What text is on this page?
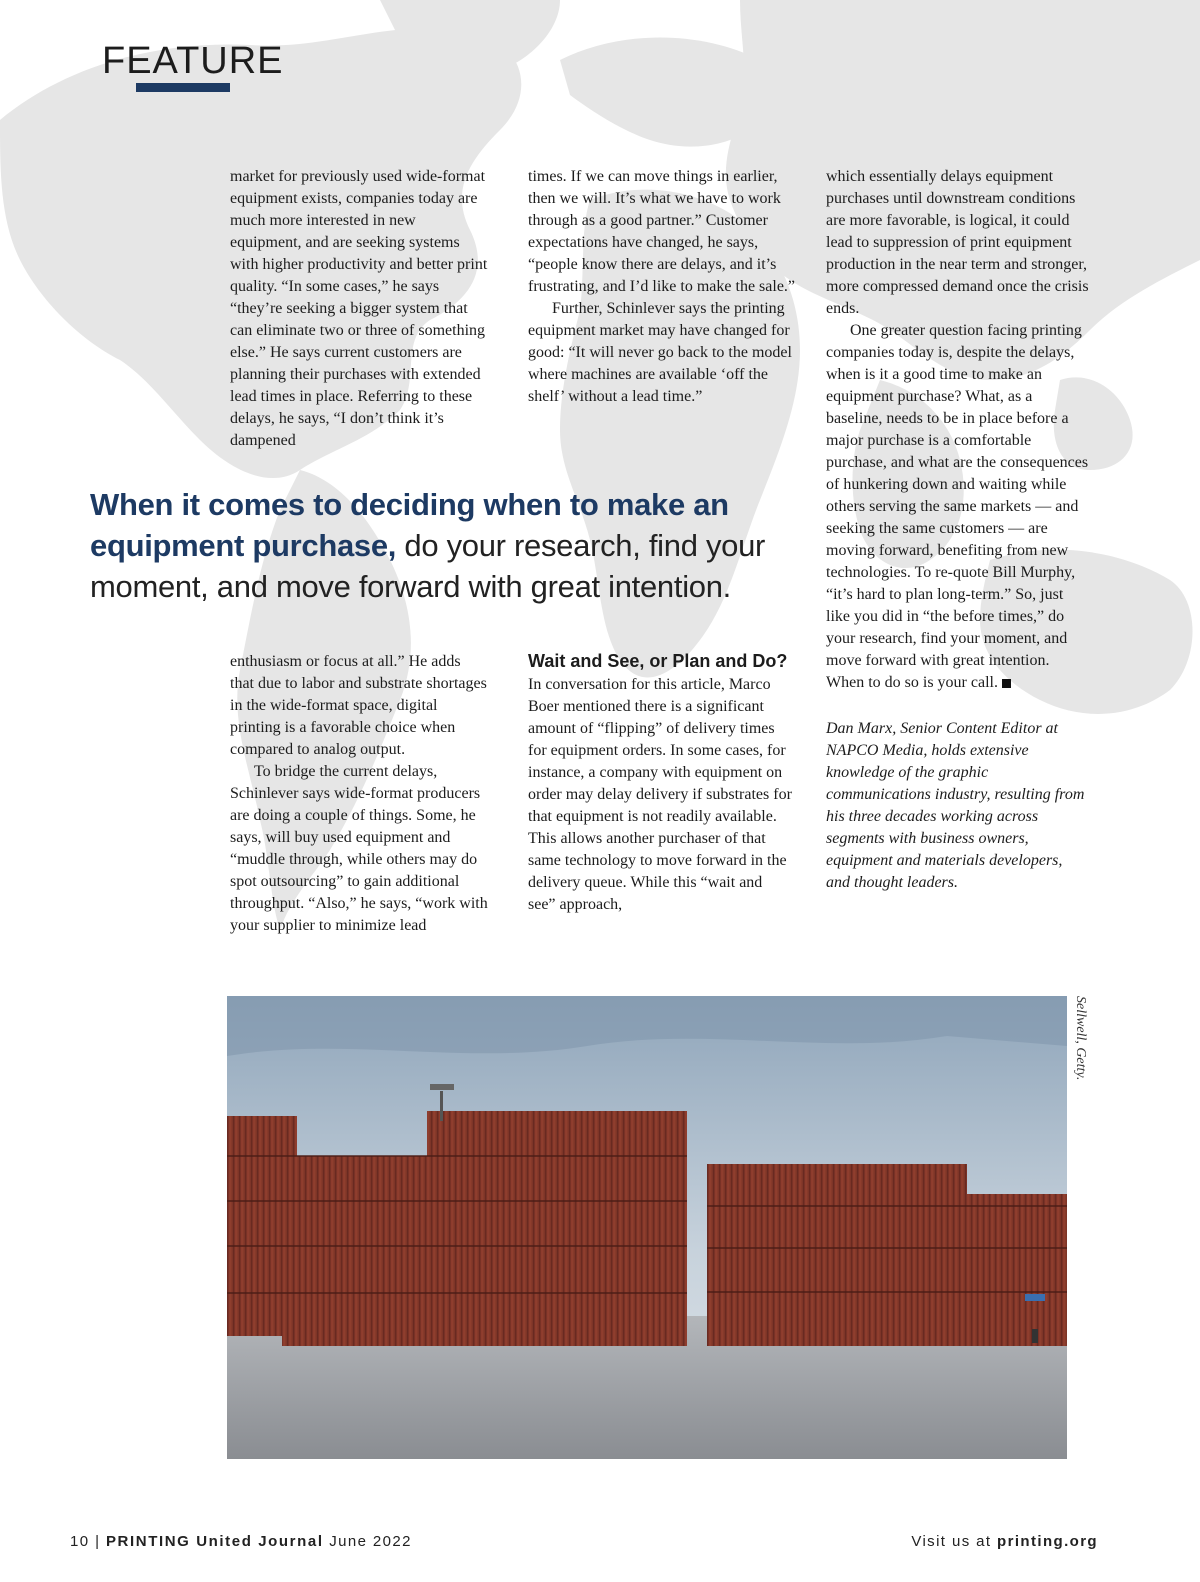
FEATURE

market for previously used wide-format equipment exists, companies today are much more interested in new equipment, and are seeking systems with higher productivity and better print quality. “In some cases,” he says “they’re seeking a bigger system that can eliminate two or three of something else.” He says current customers are planning their purchases with extended lead times in place. Referring to these delays, he says, “I don’t think it’s dampened

times. If we can move things in earlier, then we will. It’s what we have to work through as a good partner.” Customer expectations have changed, he says, “people know there are delays, and it’s frustrating, and I’d like to make the sale.”

Further, Schinlever says the printing equipment market may have changed for good: “It will never go back to the model where machines are available ‘off the shelf’ without a lead time.”

which essentially delays equipment purchases until downstream conditions are more favorable, is logical, it could lead to suppression of print equipment production in the near term and stronger, more compressed demand once the crisis ends.

One greater question facing printing companies today is, despite the delays, when is it a good time to make an equipment purchase? What, as a baseline, needs to be in place before a major purchase is a comfortable purchase, and what are the consequences of hunkering down and waiting while others serving the same markets — and seeking the same customers — are moving forward, benefiting from new technologies. To re-quote Bill Murphy, “it’s hard to plan long-term.” So, just like you did in “the before times,” do your research, find your moment, and move forward with great intention. When to do so is your call.

Dan Marx, Senior Content Editor at NAPCO Media, holds extensive knowledge of the graphic communications industry, resulting from his three decades working across segments with business owners, equipment and materials developers, and thought leaders.

When it comes to deciding when to make an equipment purchase, do your research, find your moment, and move forward with great intention.

enthusiasm or focus at all.” He adds that due to labor and substrate shortages in the wide-format space, digital printing is a favorable choice when compared to analog output.

To bridge the current delays, Schinlever says wide-format producers are doing a couple of things. Some, he says, will buy used equipment and “muddle through, while others may do spot outsourcing” to gain additional throughput. “Also,” he says, “work with your supplier to minimize lead

Wait and See, or Plan and Do?

In conversation for this article, Marco Boer mentioned there is a significant amount of “flipping” of delivery times for equipment orders. In some cases, for instance, a company with equipment on order may delay delivery if substrates for that equipment is not readily available. This allows another purchaser of that same technology to move forward in the delivery queue. While this “wait and see” approach,

Sellwell, Getty.
10 | PRINTING United Journal June 2022	Visit us at printing.org
